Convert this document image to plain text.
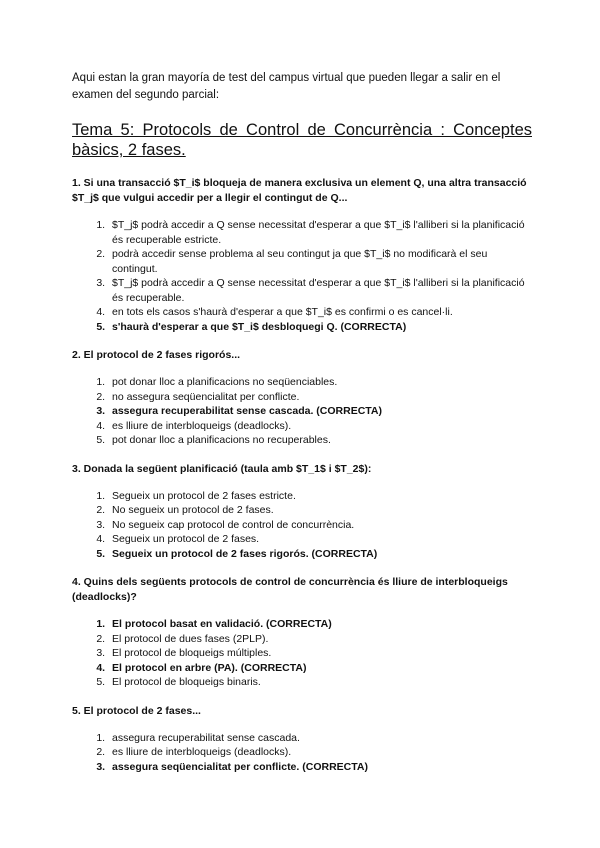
Aqui estan la gran mayoría de test del campus virtual que pueden llegar a salir en el examen del segundo parcial:

Tema 5: Protocols de Control de Concurrència : Conceptes bàsics, 2 fases.

1. Si una transacció $T_i$ bloqueja de manera exclusiva un element Q, una altra transacció $T_j$ que vulgui accedir per a llegir el contingut de Q...

1. $T_j$ podrà accedir a Q sense necessitat d'esperar a que $T_i$ l'alliberi si la planificació és recuperable estricte.
2. podrà accedir sense problema al seu contingut ja que $T_i$ no modificarà el seu contingut.
3. $T_j$ podrà accedir a Q sense necessitat d'esperar a que $T_i$ l'alliberi si la planificació és recuperable.
4. en tots els casos s'haurà d'esperar a que $T_i$ es confirmi o es cancel·li.
5. s'haurà d'esperar a que $T_i$ desbloquegi Q. (CORRECTA)

2. El protocol de 2 fases rigorós...

1. pot donar lloc a planificacions no seqüenciables.
2. no assegura seqüencialitat per conflicte.
3. assegura recuperabilitat sense cascada. (CORRECTA)
4. es lliure de interbloqueigs (deadlocks).
5. pot donar lloc a planificacions no recuperables.

3. Donada la següent planificació (taula amb $T_1$ i $T_2$):

1. Segueix un protocol de 2 fases estricte.
2. No segueix un protocol de 2 fases.
3. No segueix cap protocol de control de concurrència.
4. Segueix un protocol de 2 fases.
5. Segueix un protocol de 2 fases rigorós. (CORRECTA)

4. Quins dels següents protocols de control de concurrència és lliure de interbloqueigs (deadlocks)?

1. El protocol basat en validació. (CORRECTA)
2. El protocol de dues fases (2PLP).
3. El protocol de bloqueigs múltiples.
4. El protocol en arbre (PA). (CORRECTA)
5. El protocol de bloqueigs binaris.

5. El protocol de 2 fases...

1. assegura recuperabilitat sense cascada.
2. es lliure de interbloqueigs (deadlocks).
3. assegura seqüencialitat per conflicte. (CORRECTA)
